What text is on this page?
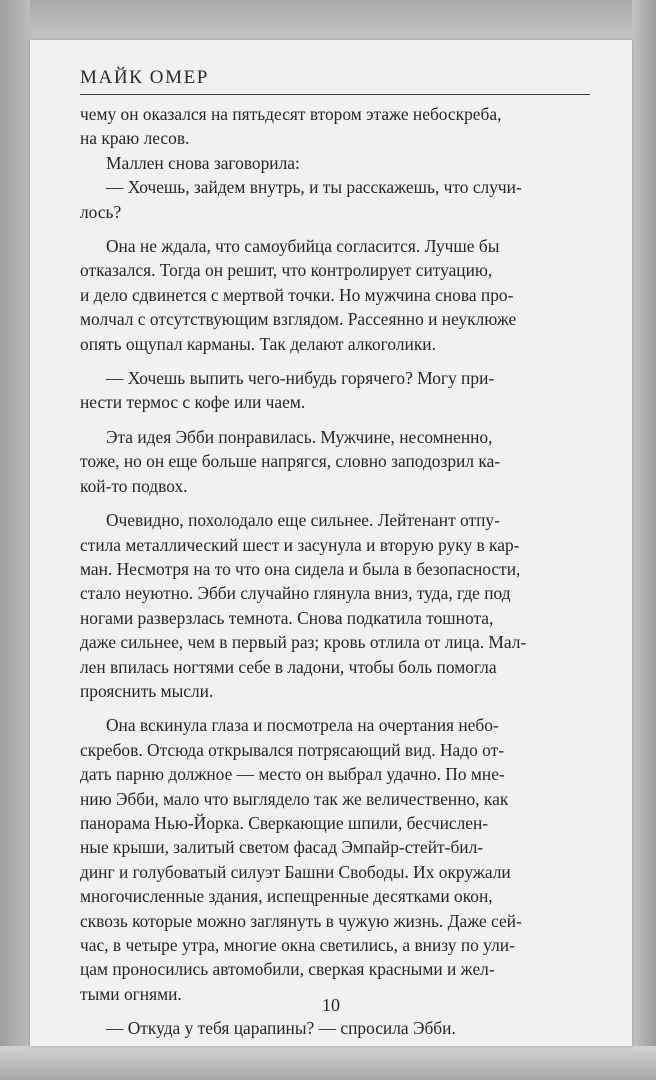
МАЙК ОМЕР
чему он оказался на пятьдесят втором этаже небоскреба,
на краю лесов.
Маллен снова заговорила:
— Хочешь, зайдем внутрь, и ты расскажешь, что случи-
лось?
Она не ждала, что самоубийца согласится. Лучше бы
отказался. Тогда он решит, что контролирует ситуацию,
и дело сдвинется с мертвой точки. Но мужчина снова про-
молчал с отсутствующим взглядом. Рассеянно и неуклюже
опять ощупал карманы. Так делают алкоголики.
— Хочешь выпить чего-нибудь горячего? Могу при-
нести термос с кофе или чаем.
Эта идея Эбби понравилась. Мужчине, несомненно,
тоже, но он еще больше напрягся, словно заподозрил ка-
кой-то подвох.
Очевидно, похолодало еще сильнее. Лейтенант отпу-
стила металлический шест и засунула и вторую руку в кар-
ман. Несмотря на то что она сидела и была в безопасности,
стало неуютно. Эбби случайно глянула вниз, туда, где под
ногами разверзлась темнота. Снова подкатила тошнота,
даже сильнее, чем в первый раз; кровь отлила от лица. Мал-
лен впилась ногтями себе в ладони, чтобы боль помогла
прояснить мысли.
Она вскинула глаза и посмотрела на очертания небо-
скребов. Отсюда открывался потрясающий вид. Надо от-
дать парню должное — место он выбрал удачно. По мне-
нию Эбби, мало что выглядело так же величественно, как
панорама Нью-Йорка. Сверкающие шпили, бесчислен-
ные крыши, залитый светом фасад Эмпайр-стейт-бил-
динг и голубоватый силуэт Башни Свободы. Их окружали
многочисленные здания, испещренные десятками окон,
сквозь которые можно заглянуть в чужую жизнь. Даже сей-
час, в четыре утра, многие окна светились, а внизу по ули-
цам проносились автомобили, сверкая красными и жел-
тыми огнями.
— Откуда у тебя царапины? — спросила Эбби.
10
